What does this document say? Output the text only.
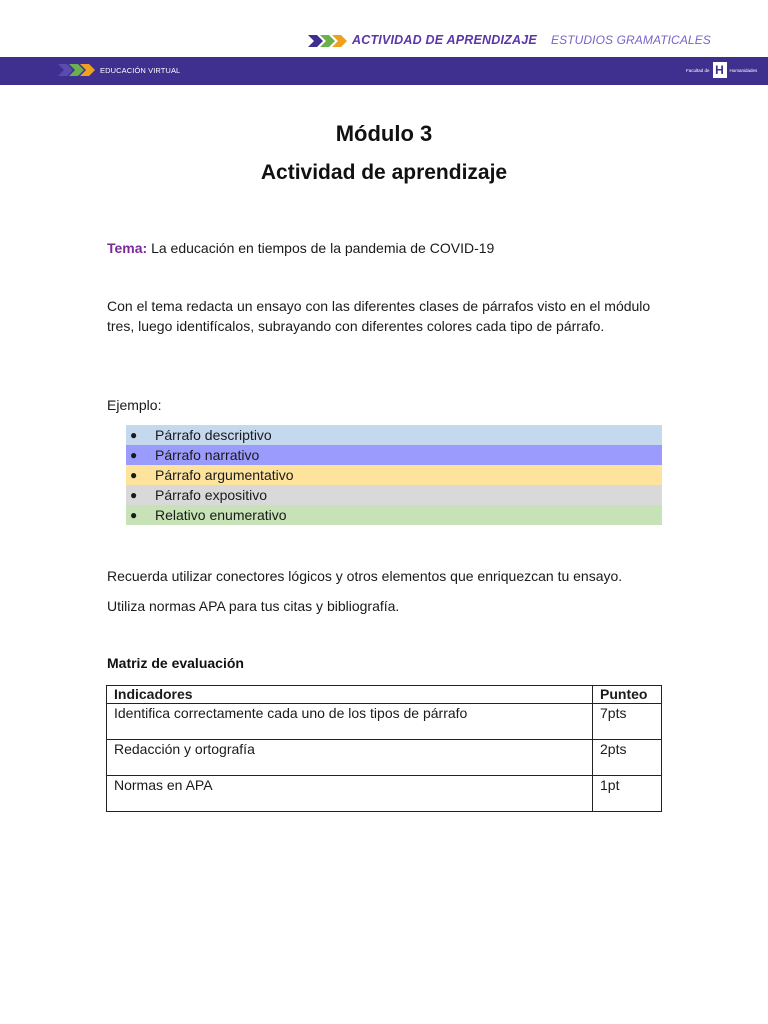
ACTIVIDAD DE APRENDIZAJE ESTUDIOS GRAMATICALES
EDUCACIÓN VIRTUAL	Facultad de H	Humanidades
Módulo 3
Actividad de aprendizaje
Tema: La educación en tiempos de la pandemia de COVID-19
Con el tema redacta un ensayo con las diferentes clases de párrafos visto en el módulo tres, luego identifícalos, subrayando con diferentes colores cada tipo de párrafo.
Ejemplo:
●	Párrafo descriptivo
●	Párrafo narrativo
●	Párrafo argumentativo
●	Párrafo expositivo
●	Relativo enumerativo
Recuerda utilizar conectores lógicos y otros elementos que enriquezcan tu ensayo.
Utiliza normas APA para tus citas y bibliografía.
Matriz de evaluación
Indicadores	Punteo
Identifica correctamente cada uno de los tipos de párrafo	7pts
Redacción y ortografía	2pts
Normas en APA	1pt
